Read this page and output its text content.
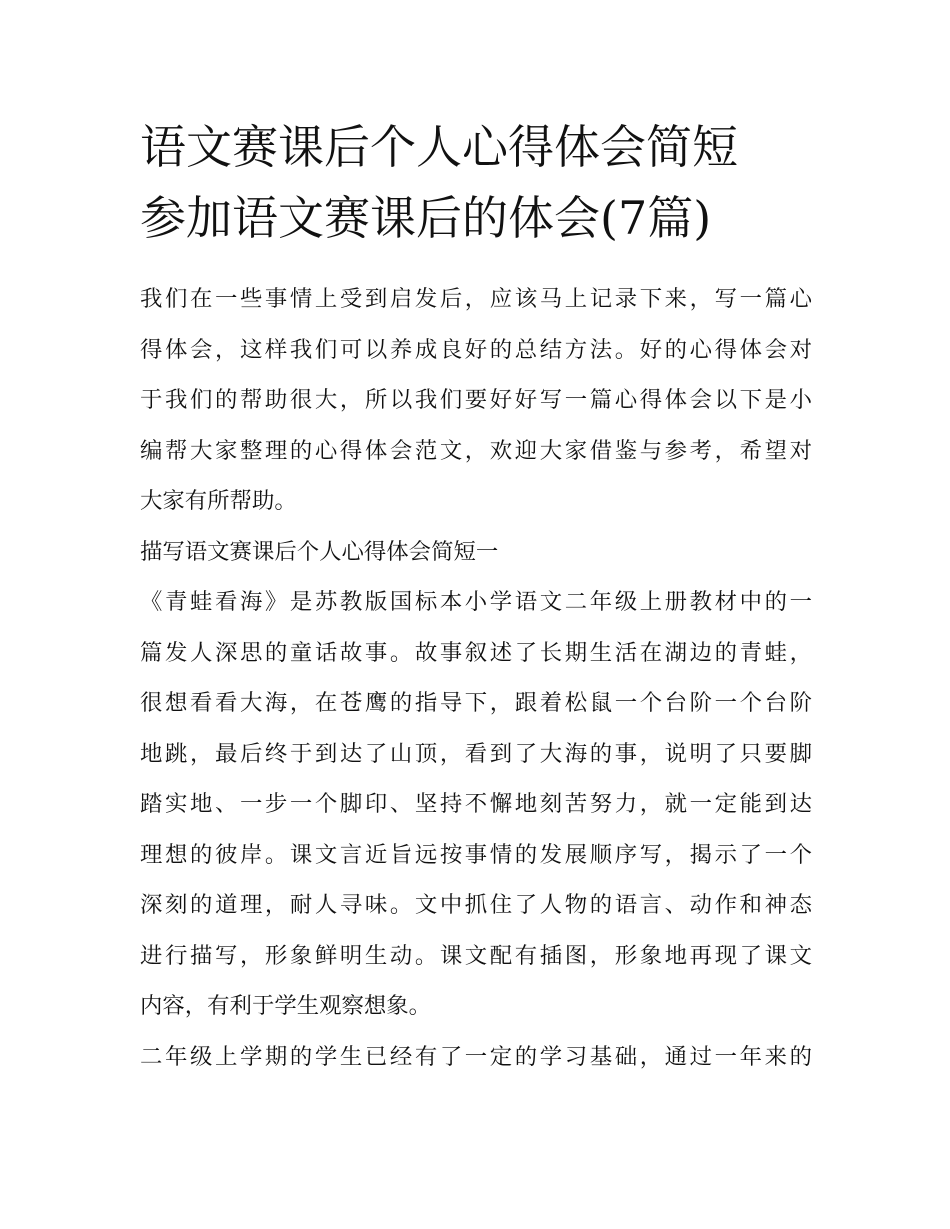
语文赛课后个人心得体会简短
参加语文赛课后的体会(7篇)

我们在一些事情上受到启发后，应该马上记录下来，写一篇心
得体会，这样我们可以养成良好的总结方法。好的心得体会对
于我们的帮助很大，所以我们要好好写一篇心得体会以下是小
编帮大家整理的心得体会范文，欢迎大家借鉴与参考，希望对
大家有所帮助。

描写语文赛课后个人心得体会简短一

《青蛙看海》是苏教版国标本小学语文二年级上册教材中的一
篇发人深思的童话故事。故事叙述了长期生活在湖边的青蛙，
很想看看大海，在苍鹰的指导下，跟着松鼠一个台阶一个台阶
地跳，最后终于到达了山顶，看到了大海的事，说明了只要脚
踏实地、一步一个脚印、坚持不懈地刻苦努力，就一定能到达
理想的彼岸。课文言近旨远按事情的发展顺序写，揭示了一个
深刻的道理，耐人寻味。文中抓住了人物的语言、动作和神态
进行描写，形象鲜明生动。课文配有插图，形象地再现了课文
内容，有利于学生观察想象。

二年级上学期的学生已经有了一定的学习基础，通过一年来的
